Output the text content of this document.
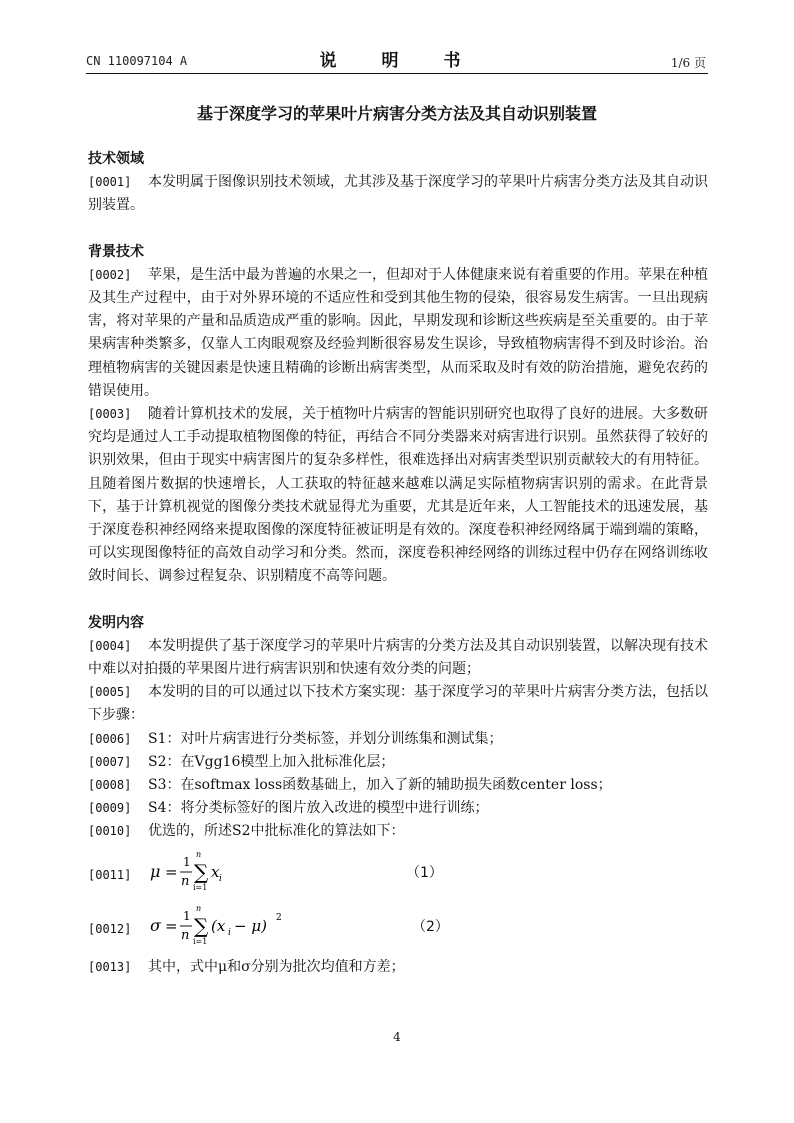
CN 110097104 A	说　明　书	1/6 页
基于深度学习的苹果叶片病害分类方法及其自动识别装置

技术领域

[0001] 本发明属于图像识别技术领域，尤其涉及基于深度学习的苹果叶片病害分类方法及其自动识别装置。

背景技术

[0002] 苹果，是生活中最为普遍的水果之一，但却对于人体健康来说有着重要的作用。苹果在种植及其生产过程中，由于对外界环境的不适应性和受到其他生物的侵染，很容易发生病害。一旦出现病害，将对苹果的产量和品质造成严重的影响。因此，早期发现和诊断这些疾病是至关重要的。由于苹果病害种类繁多，仅靠人工肉眼观察及经验判断很容易发生误诊，导致植物病害得不到及时诊治。治理植物病害的关键因素是快速且精确的诊断出病害类型，从而采取及时有效的防治措施，避免农药的错误使用。

[0003] 随着计算机技术的发展，关于植物叶片病害的智能识别研究也取得了良好的进展。大多数研究均是通过人工手动提取植物图像的特征，再结合不同分类器来对病害进行识别。虽然获得了较好的识别效果，但由于现实中病害图片的复杂多样性，很难选择出对病害类型识别贡献较大的有用特征。且随着图片数据的快速增长，人工获取的特征越来越难以满足实际植物病害识别的需求。在此背景下，基于计算机视觉的图像分类技术就显得尤为重要，尤其是近年来，人工智能技术的迅速发展，基于深度卷积神经网络来提取图像的深度特征被证明是有效的。深度卷积神经网络属于端到端的策略，可以实现图像特征的高效自动学习和分类。然而，深度卷积神经网络的训练过程中仍存在网络训练收敛时间长、调参过程复杂、识别精度不高等问题。

发明内容

[0004] 本发明提供了基于深度学习的苹果叶片病害的分类方法及其自动识别装置，以解决现有技术中难以对拍摄的苹果图片进行病害识别和快速有效分类的问题；

[0005] 本发明的目的可以通过以下技术方案实现：基于深度学习的苹果叶片病害分类方法，包括以下步骤：

[0006] S1：对叶片病害进行分类标签，并划分训练集和测试集；

[0007] S2：在Vgg16模型上加入批标准化层；

[0008] S3：在softmax loss函数基础上，加入了新的辅助损失函数center loss；

[0009] S4：将分类标签好的图片放入改进的模型中进行训练；

[0010] 优选的，所述S2中批标准化的算法如下：

[0011]	μ =
1
n
n
∑
i=1
x i	（1）
[0012]	σ =
1
n
n
∑
i=1
(x i − μ) 2
（2）

[0013] 其中，式中μ和σ分别为批次均值和方差；

4
